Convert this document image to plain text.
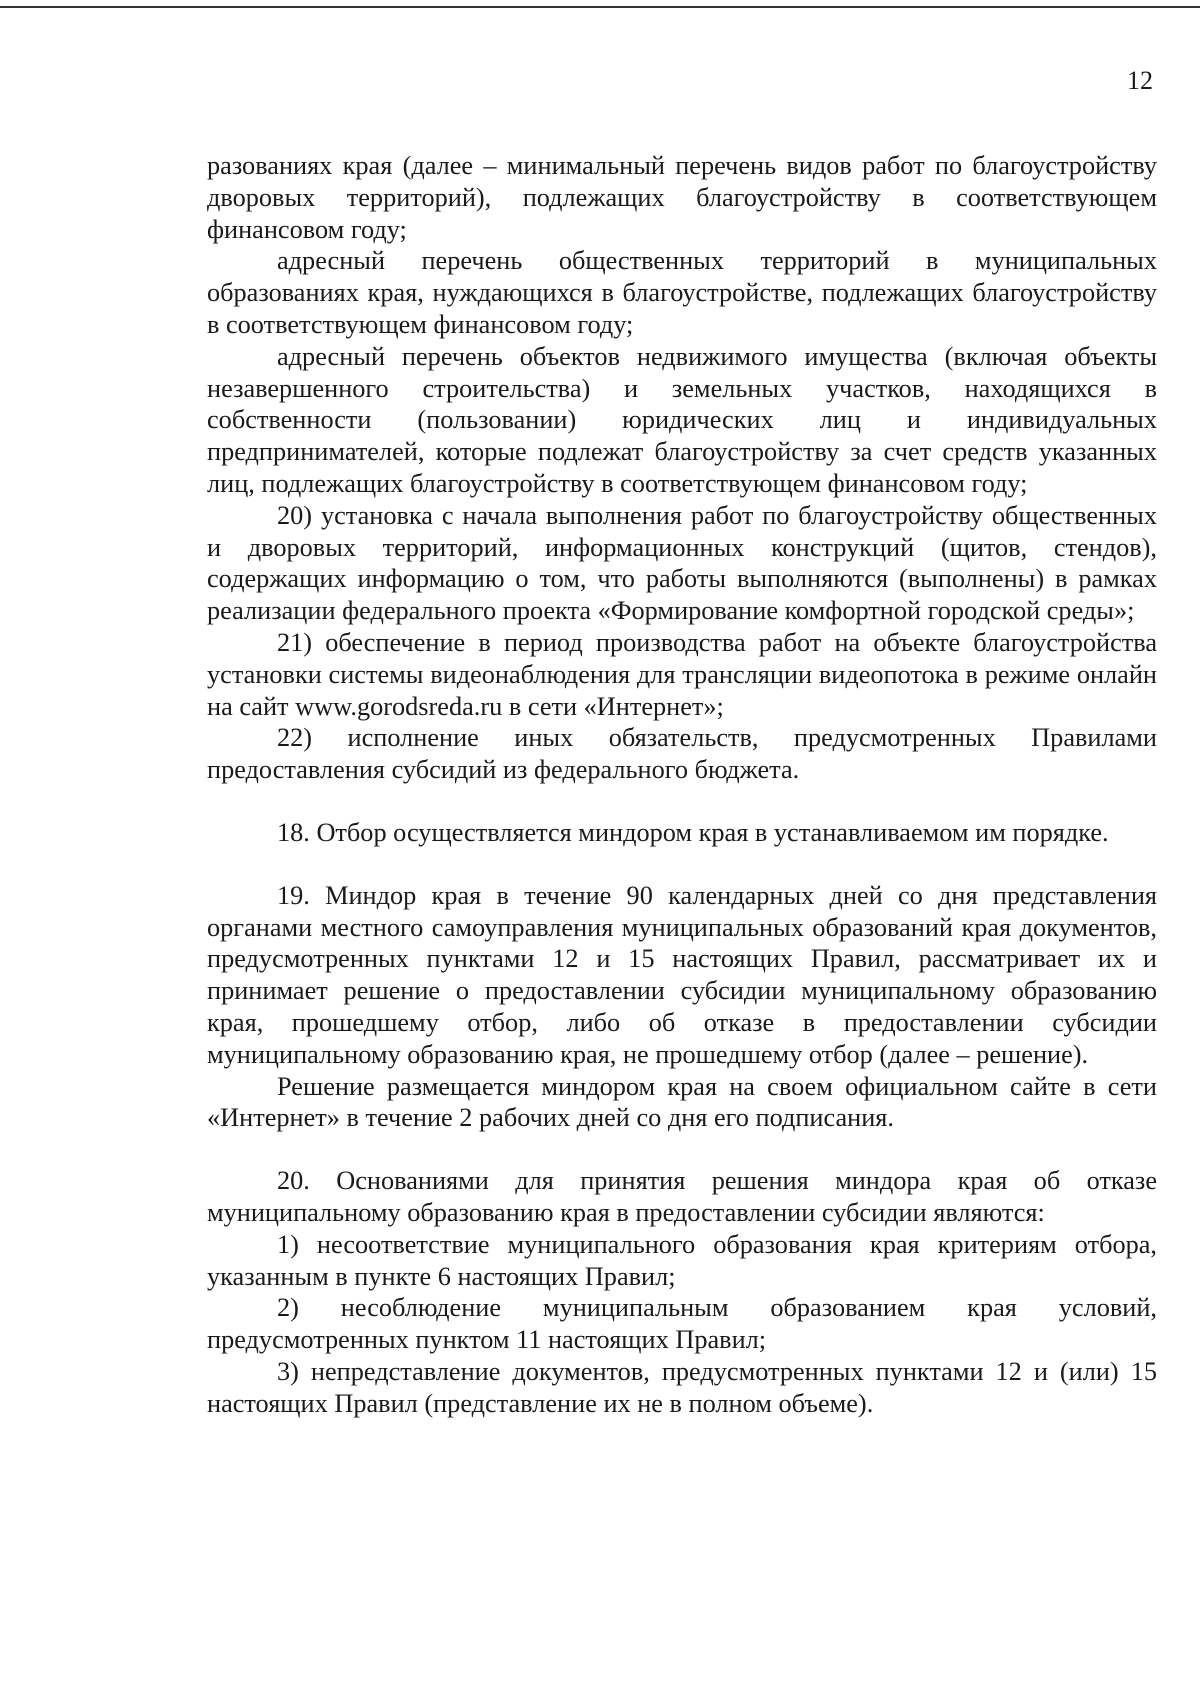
12

разованиях края (далее – минимальный перечень видов работ по благоустройству дворовых территорий), подлежащих благоустройству в соответствующем финансовом году;

адресный перечень общественных территорий в муниципальных образованиях края, нуждающихся в благоустройстве, подлежащих благоустройству в соответствующем финансовом году;

адресный перечень объектов недвижимого имущества (включая объекты незавершенного строительства) и земельных участков, находящихся в собственности (пользовании) юридических лиц и индивидуальных предпринимателей, которые подлежат благоустройству за счет средств указанных лиц, подлежащих благоустройству в соответствующем финансовом году;

20) установка с начала выполнения работ по благоустройству общественных и дворовых территорий, информационных конструкций (щитов, стендов), содержащих информацию о том, что работы выполняются (выполнены) в рамках реализации федерального проекта «Формирование комфортной городской среды»;

21) обеспечение в период производства работ на объекте благоустройства установки системы видеонаблюдения для трансляции видеопотока в режиме онлайн на сайт www.gorodsreda.ru в сети «Интернет»;

22) исполнение иных обязательств, предусмотренных Правилами предоставления субсидий из федерального бюджета.

18. Отбор осуществляется миндором края в устанавливаемом им порядке.

19. Миндор края в течение 90 календарных дней со дня представления органами местного самоуправления муниципальных образований края документов, предусмотренных пунктами 12 и 15 настоящих Правил, рассматривает их и принимает решение о предоставлении субсидии муниципальному образованию края, прошедшему отбор, либо об отказе в предоставлении субсидии муниципальному образованию края, не прошедшему отбор (далее – решение).

Решение размещается миндором края на своем официальном сайте в сети «Интернет» в течение 2 рабочих дней со дня его подписания.

20. Основаниями для принятия решения миндора края об отказе муниципальному образованию края в предоставлении субсидии являются:

1) несоответствие муниципального образования края критериям отбора, указанным в пункте 6 настоящих Правил;

2) несоблюдение муниципальным образованием края условий, предусмотренных пунктом 11 настоящих Правил;

3) непредставление документов, предусмотренных пунктами 12 и (или) 15 настоящих Правил (представление их не в полном объеме).
